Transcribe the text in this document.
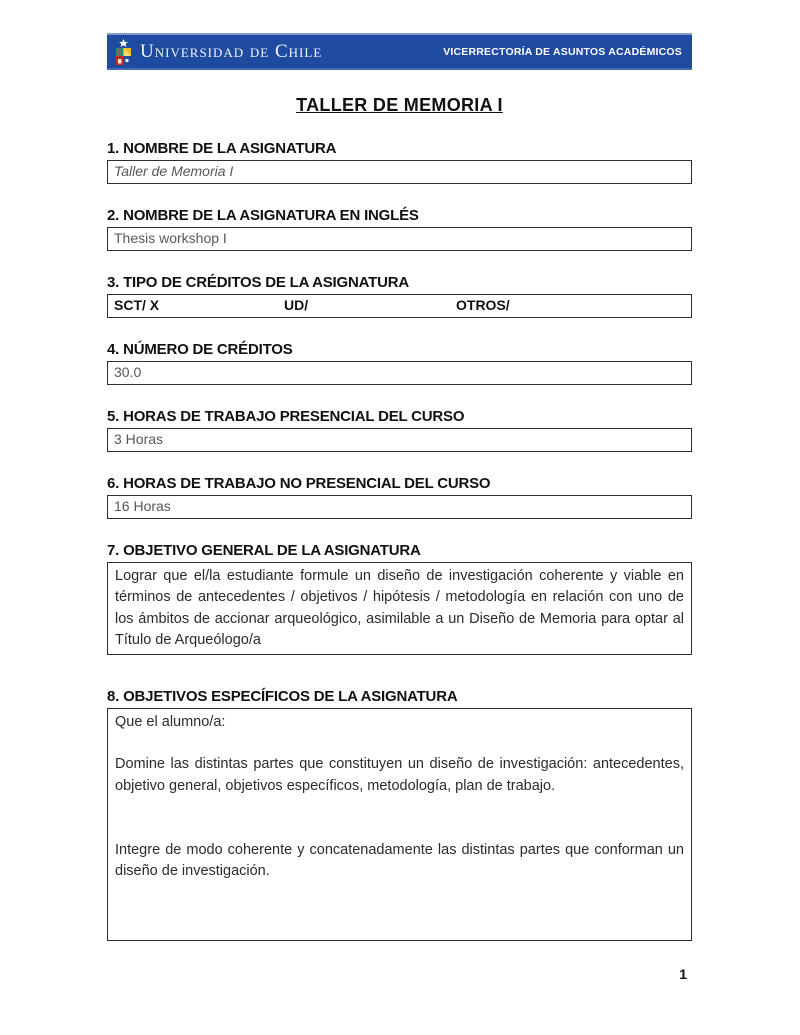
Universidad de Chile	VICERRECTORÍA DE ASUNTOS ACADÉMICOS
TALLER DE MEMORIA I
1. NOMBRE DE LA ASIGNATURA
Taller de Memoria I
2. NOMBRE DE LA ASIGNATURA EN INGLÉS
Thesis workshop I
3. TIPO DE CRÉDITOS DE LA ASIGNATURA
SCT/ X	UD/	OTROS/
4. NÚMERO DE CRÉDITOS
30.0
5. HORAS DE TRABAJO PRESENCIAL DEL CURSO
3 Horas
6. HORAS DE TRABAJO NO PRESENCIAL DEL CURSO
16 Horas
7. OBJETIVO GENERAL DE LA ASIGNATURA

Lograr que el/la estudiante formule un diseño de investigación coherente y viable en términos de antecedentes / objetivos / hipótesis / metodología en relación con uno de los ámbitos de accionar arqueológico, asimilable a un Diseño de Memoria para optar al Título de Arqueólogo/a

8. OBJETIVOS ESPECÍFICOS DE LA ASIGNATURA

Que el alumno/a:

Domine las distintas partes que constituyen un diseño de investigación: antecedentes, objetivo general, objetivos específicos, metodología, plan de trabajo.

Integre de modo coherente y concatenadamente las distintas partes que conforman un diseño de investigación.

1
